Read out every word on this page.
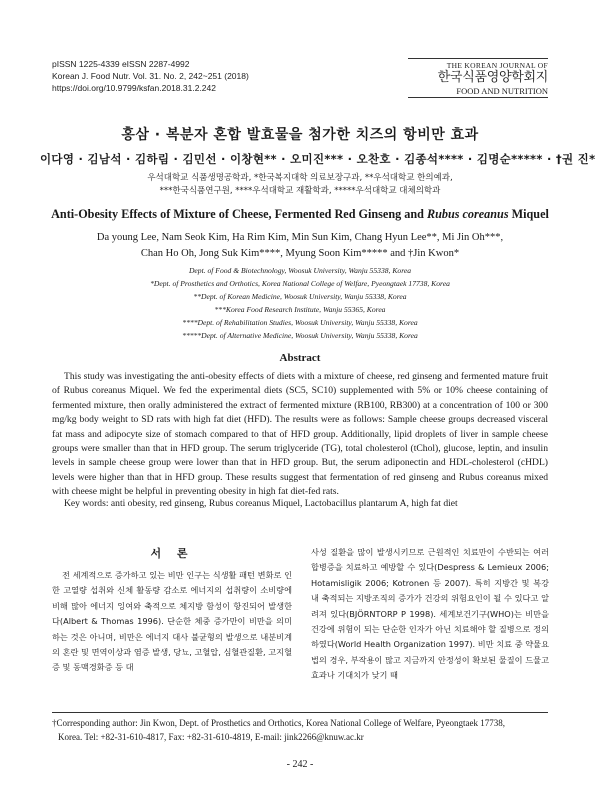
pISSN 1225-4339 eISSN 2287-4992
Korean J. Food Nutr. Vol. 31. No. 2, 242~251 (2018)
https://doi.org/10.9799/ksfan.2018.31.2.242
THE KOREAN JOURNAL OF
한국식품영양학회지
FOOD AND NUTRITION
홍삼 · 복분자 혼합 발효물을 첨가한 치즈의 항비만 효과
이다영 · 김남석 · 김하림 · 김민선 · 이창현** · 오미진*** · 오찬호 · 김종석**** · 김명순***** · †권 진*
우석대학교 식품생명공학과, *한국복지대학 의료보장구과, **우석대학교 한의예과,
***한국식품연구원, ****우석대학교 재활학과, *****우석대학교 대체의학과
Anti-Obesity Effects of Mixture of Cheese, Fermented Red Ginseng and Rubus coreanus Miquel
Da young Lee, Nam Seok Kim, Ha Rim Kim, Min Sun Kim, Chang Hyun Lee**, Mi Jin Oh***,
Chan Ho Oh, Jong Suk Kim****, Myung Soon Kim***** and †Jin Kwon*
Dept. of Food & Biotechnology, Woosuk University, Wanju 55338, Korea
*Dept. of Prosthetics and Orthotics, Korea National College of Welfare, Pyeongtaek 17738, Korea
**Dept. of Korean Medicine, Woosuk University, Wanju 55338, Korea
***Korea Food Research Institute, Wanju 55365, Korea
****Dept. of Rehabilitation Studies, Woosuk University, Wanju 55338, Korea
*****Dept. of Alternative Medicine, Woosuk University, Wanju 55338, Korea
Abstract

This study was investigating the anti-obesity effects of diets with a mixture of cheese, red ginseng and fermented mature fruit of Rubus coreanus Miquel. We fed the experimental diets (SC5, SC10) supplemented with 5% or 10% cheese containing of fermented mixture, then orally administered the extract of fermented mixture (RB100, RB300) at a concentration of 100 or 300 mg/kg body weight to SD rats with high fat diet (HFD). The results were as follows: Sample cheese groups decreased visceral fat mass and adipocyte size of stomach compared to that of HFD group. Additionally, lipid droplets of liver in sample cheese groups were smaller than that in HFD group. The serum triglyceride (TG), total cholesterol (tChol), glucose, leptin, and insulin levels in sample cheese group were lower than that in HFD group. But, the serum adiponectin and HDL-cholesterol (cHDL) levels were higher than that in HFD group. These results suggest that fermentation of red ginseng and Rubus coreanus mixed with cheese might be helpful in preventing obesity in high fat diet-fed rats.

Key words: anti obesity, red ginseng, Rubus coreanus Miquel, Lactobacillus plantarum A, high fat diet
서 론

전 세계적으로 증가하고 있는 비만 인구는 식생활 패턴 변화로 인한 고열량 섭취와 신체 활동량 감소로 에너지의 섭취량이 소비량에 비해 많아 에너지 잉여와 축적으로 체지방 함성이 항진되어 발생한다(Albert & Thomas 1996). 단순한 체중 증가만이 비만을 의미하는 것은 아니며, 비만은 에너지 대사 불균형의 발생으로 내분비계의 혼란 및 면역이상과 염증 발생, 당뇨, 고혈압, 심혈관질환, 고지혈증 및 동맥경화증 등 대

사성 질환을 많이 발생시키므로 근원적인 치료만이 수반되는 여러 합병증을 치료하고 예방할 수 있다(Despress & Lemieux 2006; Hotamisligik 2006; Kotronen 등 2007). 특히 지방간 및 복강 내 축적되는 지방조직의 증가가 건강의 위험요인이 될 수 있다고 알려져 있다(BJÖRNTORP P 1998). 세계보건기구(WHO)는 비만을 건강에 위험이 되는 단순한 인자가 아닌 치료해야 할 질병으로 정의하였다(World Health Organization 1997). 비만 치료 중 약물요법의 경우, 부작용이 많고 지금까지 안정성이 확보된 물질이 드물고 효과나 기대치가 낮기 때

†Corresponding author: Jin Kwon, Dept. of Prosthetics and Orthotics, Korea National College of Welfare, Pyeongtaek 17738,
Korea. Tel: +82-31-610-4817, Fax: +82-31-610-4819, E-mail: jink2266@knuw.ac.kr
- 242 -
